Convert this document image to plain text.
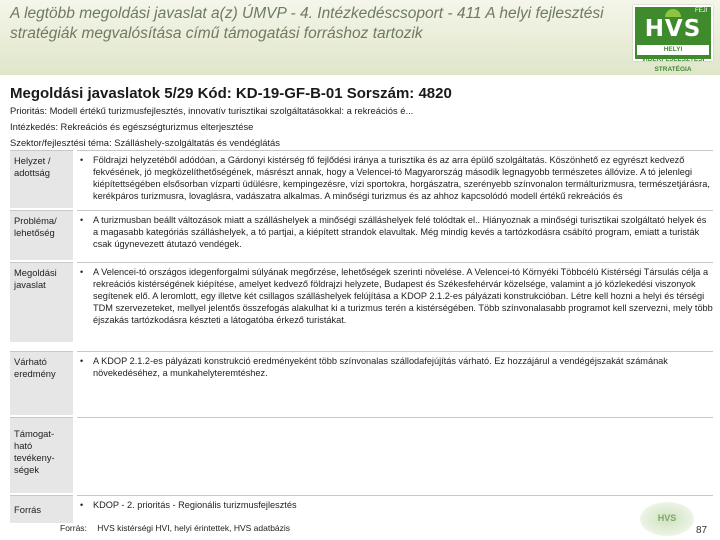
A legtöbb megoldási javaslat a(z) ÚMVP - 4. Intézkedéscsoport - 411 A helyi fejlesztési stratégiák megvalósítása című támogatási forráshoz tartozik
FEJI
HVS
HELYI VIDÉKFEJLESZTÉSI STRATÉGIA
Megoldási javaslatok 5/29 Kód: KD-19-GF-B-01 Sorszám: 4820
Prioritás: Modell értékű turizmusfejlesztés, innovatív turisztikai szolgáltatásokkal: a rekreációs é...
Intézkedés: Rekreációs és egészségturizmus elterjesztése
Szektor/fejlesztési téma: Szálláshely-szolgáltatás és vendéglátás
Helyzet / adottság
• Földrajzi helyzetéből adódóan, a Gárdonyi kistérség fő fejlődési iránya a turisztika és az arra épülő szolgáltatás. Köszönhető ez egyrészt kedvező fekvésének, jó megközelíthetőségének, másrészt annak, hogy a Velencei-tó Magyarország második legnagyobb természetes állóvize. A tó jelenlegi kiépítettségében elsősorban vízparti üdülésre, kempingezésre, vízi sportokra, horgászatra, szerényebb színvonalon termálturizmusra, természetjárásra, kerékpáros turizmusra, lovaglásra, vadászatra alkalmas. A minőségi turizmus és az ahhoz kapcsolódó modell értékű rekreációs és
Probléma/ lehetőség
• A turizmusban beállt változások miatt a szálláshelyek a minőségi szálláshelyek felé tolódtak el.. Hiányoznak a minőségi turisztikai szolgáltató helyek és a magasabb kategóriás szálláshelyek, a tó partjai, a kiépített strandok elavultak. Még mindig kevés a tartózkodásra csábító program, emiatt a turisták csak úgynevezett átutazó vendégek.
Megoldási javaslat
• A Velencei-tó országos idegenforgalmi súlyának megőrzése, lehetőségek szerinti növelése. A Velencei-tó Környéki Többcélú Kistérségi Társulás célja a rekreációs kistérségének kiépítése, amelyet kedvező földrajzi helyzete, Budapest és Székesfehérvár közelsége, valamint a jó közlekedési viszonyok segítenek elő. A leromlott, egy illetve két csillagos szálláshelyek felújítása a KDOP 2.1.2-es pályázati konstrukcióban. Létre kell hozni a helyi és térségi TDM szervezeteket, mellyel jelentős összefogás alakulhat ki a turizmus terén a kistérségében. Több színvonalasabb programot kell szervezni, mely több éjszakás tartózkodásra készteti a látogatóba érkező turistákat.
Várható eredmény
• A KDOP 2.1.2-es pályázati konstrukció eredményeként több színvonalas szállodafejújítás várható. Ez hozzájárul a vendégéjszakát számának növekedéséhez, a munkahelyteremtéshez.
Támogat-ható tevékeny-ségek
Forrás	• KDOP - 2. prioritás - Regionális turizmusfejlesztés
Forrás: HVS kistérségi HVI, helyi érintettek, HVS adatbázis
HVS
87
